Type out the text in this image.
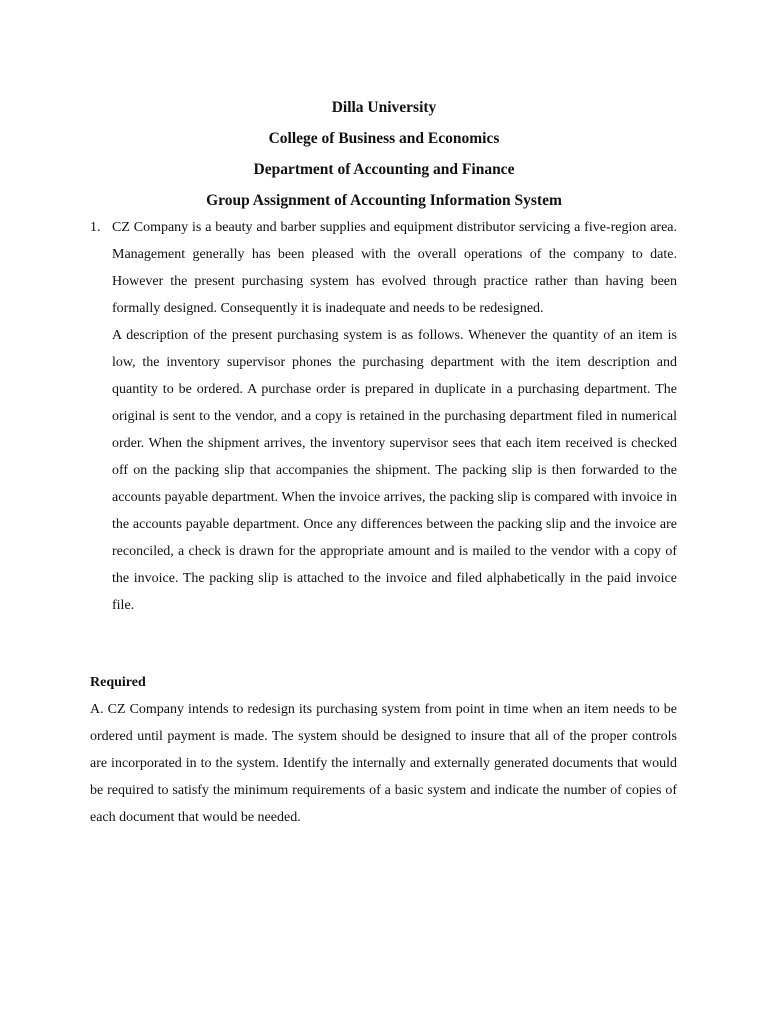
Dilla University
College of Business and Economics
Department of Accounting and Finance
Group Assignment of Accounting Information System
1. CZ Company is a beauty and barber supplies and equipment distributor servicing a five-region area. Management generally has been pleased with the overall operations of the company to date. However the present purchasing system has evolved through practice rather than having been formally designed. Consequently it is inadequate and needs to be redesigned.

A description of the present purchasing system is as follows. Whenever the quantity of an item is low, the inventory supervisor phones the purchasing department with the item description and quantity to be ordered. A purchase order is prepared in duplicate in a purchasing department. The original is sent to the vendor, and a copy is retained in the purchasing department filed in numerical order. When the shipment arrives, the inventory supervisor sees that each item received is checked off on the packing slip that accompanies the shipment. The packing slip is then forwarded to the accounts payable department. When the invoice arrives, the packing slip is compared with invoice in the accounts payable department. Once any differences between the packing slip and the invoice are reconciled, a check is drawn for the appropriate amount and is mailed to the vendor with a copy of the invoice. The packing slip is attached to the invoice and filed alphabetically in the paid invoice file.

Required

A. CZ Company intends to redesign its purchasing system from point in time when an item needs to be ordered until payment is made. The system should be designed to insure that all of the proper controls are incorporated in to the system. Identify the internally and externally generated documents that would be required to satisfy the minimum requirements of a basic system and indicate the number of copies of each document that would be needed.
